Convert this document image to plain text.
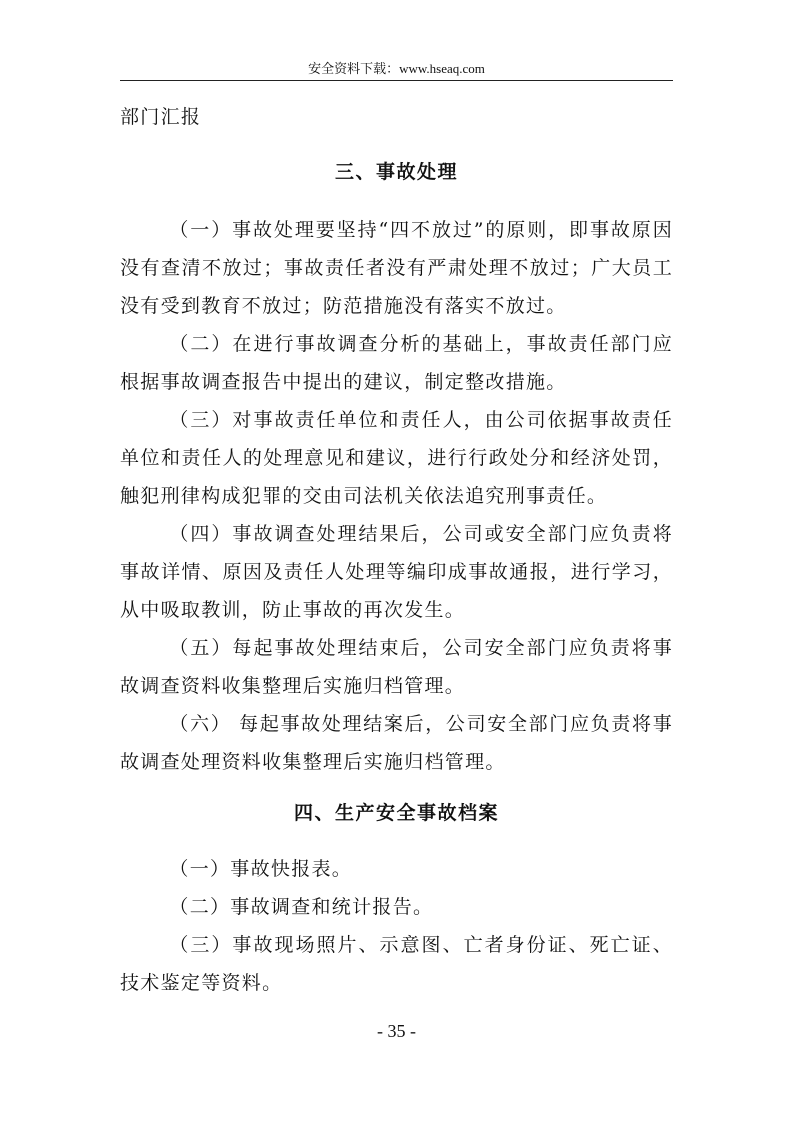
安全资料下载：www.hseaq.com

部门汇报

三、事故处理

（一）事故处理要坚持“四不放过”的原则，即事故原因没有查清不放过；事故责任者没有严肃处理不放过；广大员工没有受到教育不放过；防范措施没有落实不放过。

（二）在进行事故调查分析的基础上，事故责任部门应根据事故调查报告中提出的建议，制定整改措施。

（三）对事故责任单位和责任人，由公司依据事故责任单位和责任人的处理意见和建议，进行行政处分和经济处罚，触犯刑律构成犯罪的交由司法机关依法追究刑事责任。

（四）事故调查处理结果后，公司或安全部门应负责将事故详情、原因及责任人处理等编印成事故通报，进行学习，从中吸取教训，防止事故的再次发生。

（五）每起事故处理结束后，公司安全部门应负责将事故调查资料收集整理后实施归档管理。

（六） 每起事故处理结案后，公司安全部门应负责将事故调查处理资料收集整理后实施归档管理。

四、生产安全事故档案

（一）事故快报表。

（二）事故调查和统计报告。

（三）事故现场照片、示意图、亡者身份证、死亡证、技术鉴定等资料。

- 35 -
